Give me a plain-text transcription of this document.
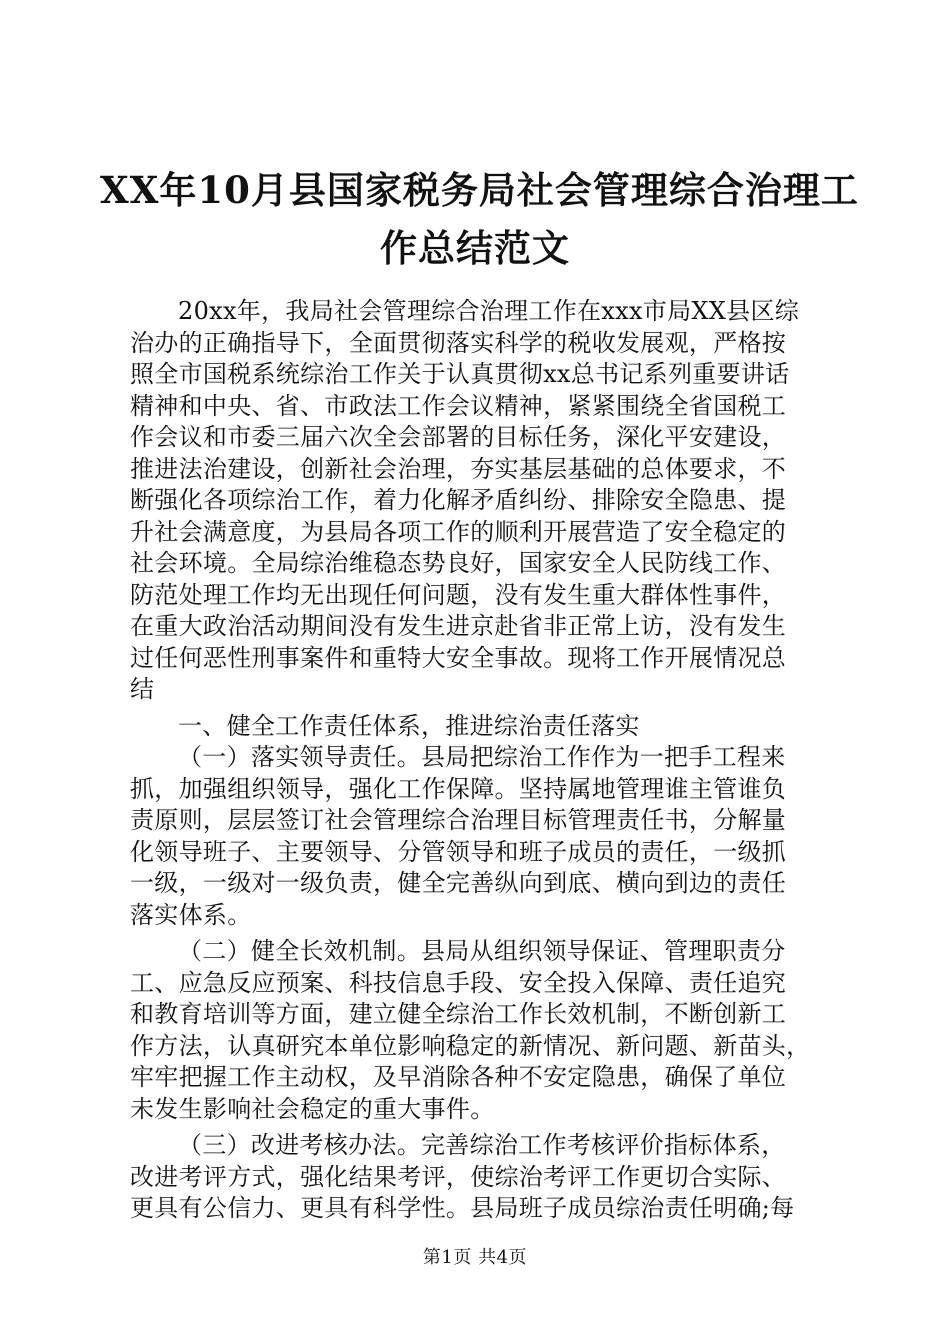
XX年10月县国家税务局社会管理综合治理工
作总结范文
20xx年，我局社会管理综合治理工作在xxx市局XX县区综
治办的正确指导下，全面贯彻落实科学的税收发展观，严格按
照全市国税系统综治工作关于认真贯彻xx总书记系列重要讲话
精神和中央、省、市政法工作会议精神，紧紧围绕全省国税工
作会议和市委三届六次全会部署的目标任务，深化平安建设，
推进法治建设，创新社会治理，夯实基层基础的总体要求，不
断强化各项综治工作，着力化解矛盾纠纷、排除安全隐患、提
升社会满意度，为县局各项工作的顺利开展营造了安全稳定的
社会环境。全局综治维稳态势良好，国家安全人民防线工作、
防范处理工作均无出现任何问题，没有发生重大群体性事件，
在重大政治活动期间没有发生进京赴省非正常上访，没有发生
过任何恶性刑事案件和重特大安全事故。现将工作开展情况总
结
一、健全工作责任体系，推进综治责任落实
（一）落实领导责任。县局把综治工作作为一把手工程来
抓，加强组织领导，强化工作保障。坚持属地管理谁主管谁负
责原则，层层签订社会管理综合治理目标管理责任书，分解量
化领导班子、主要领导、分管领导和班子成员的责任，一级抓
一级，一级对一级负责，健全完善纵向到底、横向到边的责任
落实体系。
（二）健全长效机制。县局从组织领导保证、管理职责分
工、应急反应预案、科技信息手段、安全投入保障、责任追究
和教育培训等方面，建立健全综治工作长效机制，不断创新工
作方法，认真研究本单位影响稳定的新情况、新问题、新苗头，
牢牢把握工作主动权，及早消除各种不安定隐患，确保了单位
未发生影响社会稳定的重大事件。
（三）改进考核办法。完善综治工作考核评价指标体系，
改进考评方式，强化结果考评，使综治考评工作更切合实际、
更具有公信力、更具有科学性。县局班子成员综治责任明确;每
第1页 共4页
